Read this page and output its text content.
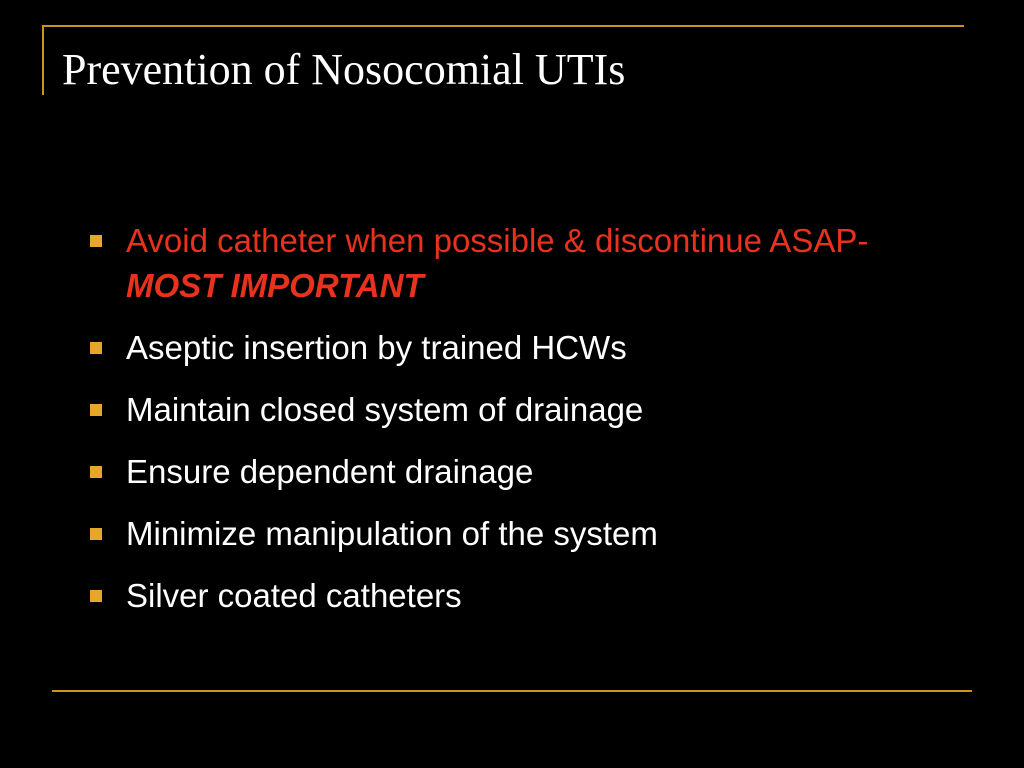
Prevention of Nosocomial UTIs
Avoid catheter when possible & discontinue ASAP- MOST IMPORTANT
Aseptic insertion by trained HCWs
Maintain closed system of drainage
Ensure dependent drainage
Minimize manipulation of the system
Silver coated catheters
